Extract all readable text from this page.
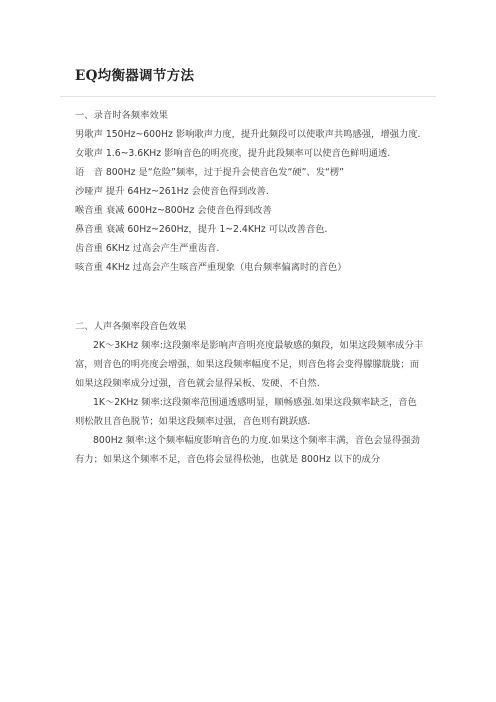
EQ均衡器调节方法

一、录音时各频率效果

男歌声 150Hz~600Hz 影响歌声力度，提升此频段可以使歌声共鸣感强，增强力度.

女歌声 1.6~3.6KHz 影响音色的明亮度，提升此段频率可以使音色鲜明通透.

语　音 800Hz 是“危险”频率，过于提升会使音色发“硬”、发“楞”

沙哑声 提升 64Hz~261Hz 会使音色得到改善.

喉音重 衰减 600Hz~800Hz 会使音色得到改善

鼻音重 衰减 60Hz~260Hz，提升 1~2.4KHz 可以改善音色.

齿音重 6KHz 过高会产生严重齿音.

咳音重 4KHz 过高会产生咳音严重现象（电台频率偏离时的音色）

二、人声各频率段音色效果

2K～3KHz 频率:这段频率是影响声音明亮度最敏感的频段，如果这段频率成分丰富，则音色的明亮度会增强，如果这段频率幅度不足，则音色将会变得朦朦胧胧；而如果这段频率成分过强，音色就会显得呆板、发硬、不自然.

1K～2KHz 频率:这段频率范围通透感明显，顺畅感强.如果这段频率缺乏，音色则松散且音色脱节；如果这段频率过强，音色则有跳跃感.

800Hz 频率:这个频率幅度影响音色的力度.如果这个频率丰满，音色会显得强劲有力；如果这个频率不足，音色将会显得松弛，也就是 800Hz 以下的成分
